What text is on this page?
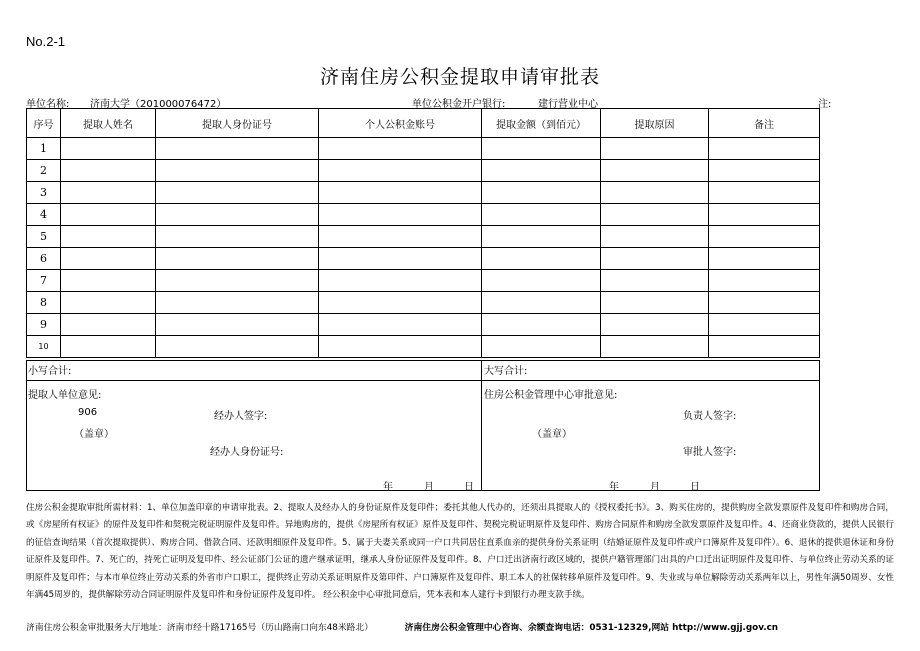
No.2-1
济南住房公积金提取申请审批表
单位名称: 济南大学（201000076472）	单位公积金开户银行:	建行营业中心	注:
序号	提取人姓名	提取人身份证号	个人公积金账号	提取金额（到佰元）	提取原因	备注
1						
2						
3						
4						
5						
6						
7						
8						
9						
10						
小写合计:	大写合计:
提取人单位意见:
906	经办人签字:
（盖章）
经办人身份证号:
年	月	日
住房公积金管理中心审批意见:
负责人签字:
（盖章）
审批人签字:
年	月	日
住房公积金提取审批所需材料：1、单位加盖印章的申请审批表。2、提取人及经办人的身份证原件及复印件；委托其他人代办的，还须出具提取人的《授权委托书》。3、购买住房的，提供购房全款发票原件及复印件和购房合同，或《房屋所有权证》的原件及复印件和契税完税证明原件及复印件。异地购房的，提供《房屋所有权证》原件及复印件、契税完税证明原件及复印件、购房合同原件和购房全款发票原件及复印件。4、还商业贷款的，提供人民银行的征信查询结果（首次提取提供）、购房合同、借款合同、还款明细原件及复印件。5、属于夫妻关系或同一户口共同居住直系血亲的提供身份关系证明（结婚证原件及复印件或户口簿原件及复印件）。6、退休的提供退休证和身份证原件及复印件。7、死亡的，持死亡证明及复印件、经公证部门公证的遗产继承证明，继承人身份证原件及复印件。8、户口迁出济南行政区域的，提供户籍管理部门出具的户口迁出证明原件及复印件、与单位终止劳动关系的证明原件及复印件；与本市单位终止劳动关系的外省市户口职工，提供终止劳动关系证明原件及第印件、户口簿原件及复印件、职工本人的社保转移单原件及复印件。9、失业或与单位解除劳动关系两年以上，男性年满50周岁、女性年满45周岁的，提供解除劳动合同证明原件及复印件和身份证原件及复印件。 经公积金中心审批同意后，凭本表和本人建行卡到银行办理支款手续。
济南住房公积金审批服务大厅地址：济南市经十路17165号（历山路南口向东48米路北）	济南住房公积金管理中心咨询、余额查询电话：0531-12329,网站 http://www.gjj.gov.cn
